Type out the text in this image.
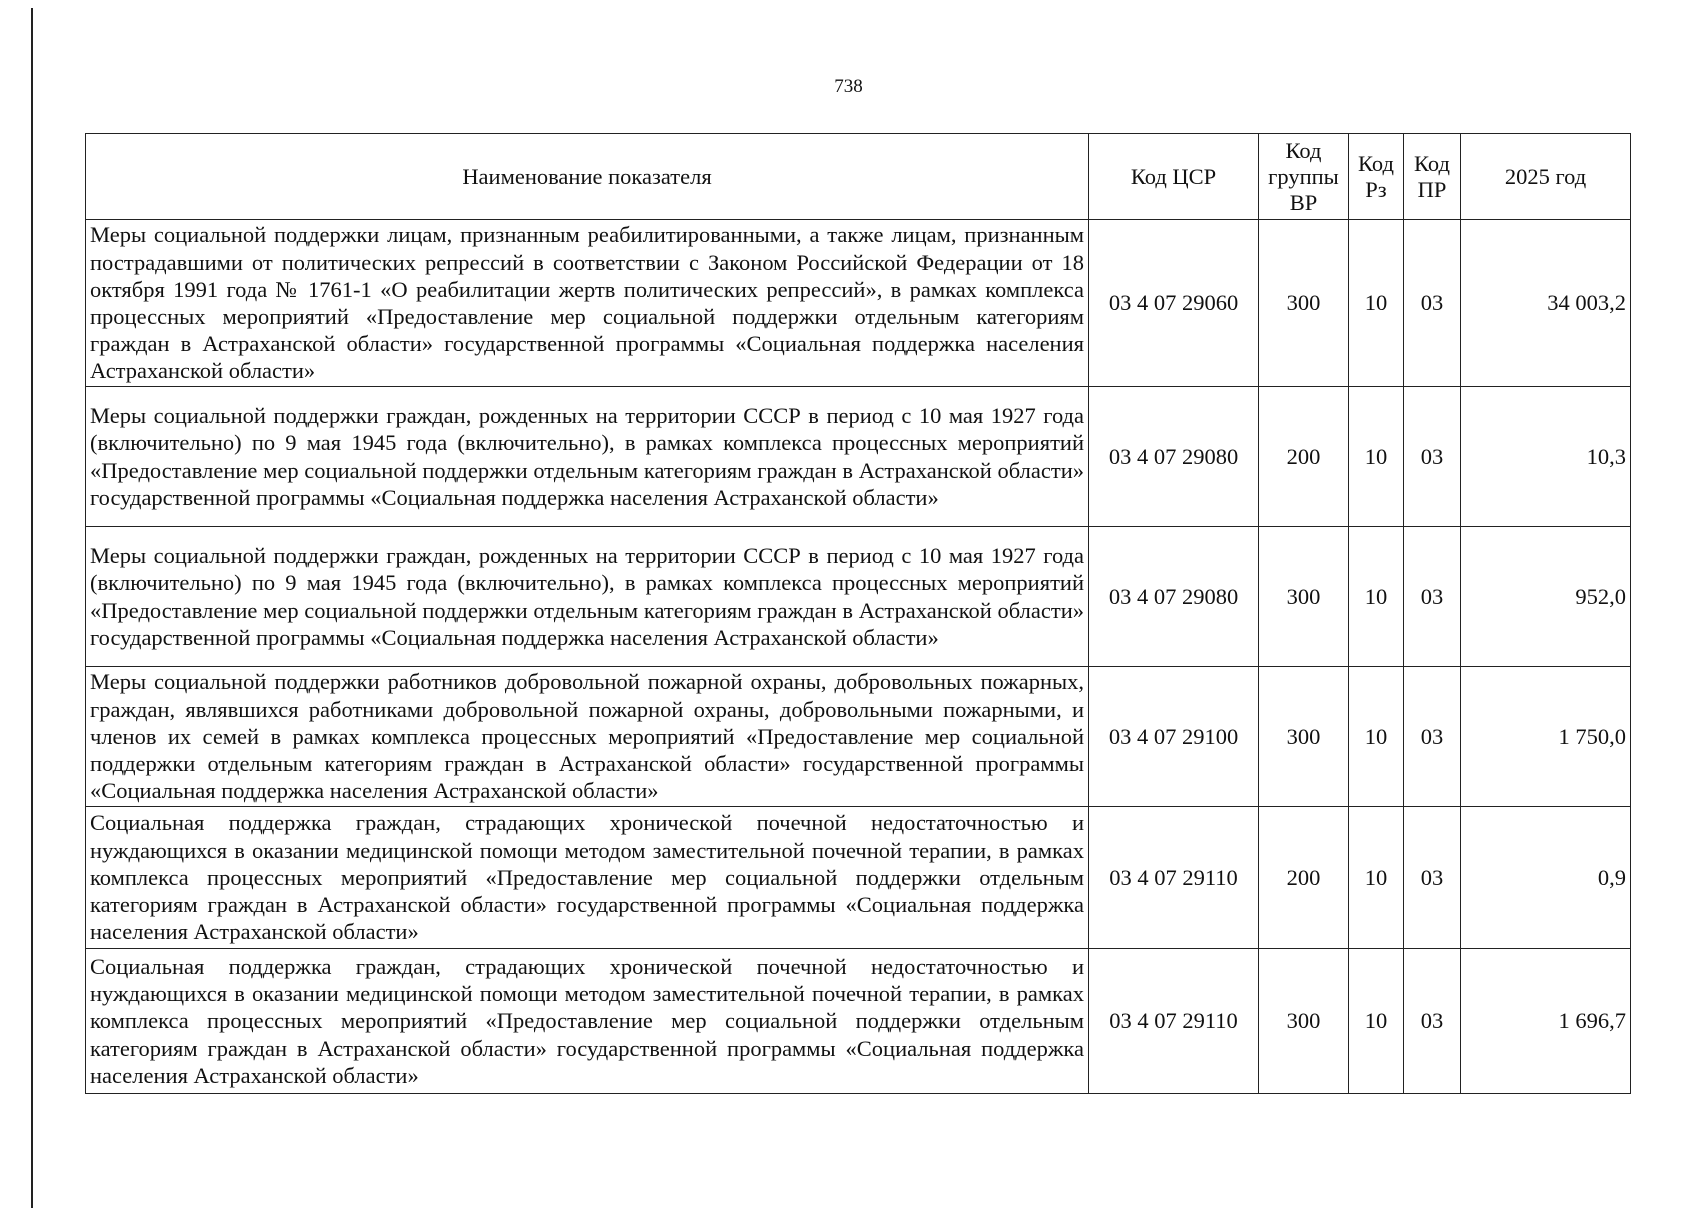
738
Наименование показателя	Код ЦСР	Код группы ВР	Код Рз	Код ПР	2025 год
Меры социальной поддержки лицам, признанным реабилитированными, а также лицам, признанным пострадавшими от политических репрессий в соответствии с Законом Российской Федерации от 18 октября 1991 года № 1761-1 «О реабилитации жертв политических репрессий», в рамках комплекса процессных мероприятий «Предоставление мер социальной поддержки отдельным категориям граждан в Астраханской области» государственной программы «Социальная поддержка населения Астраханской области»	03 4 07 29060	300	10	03	34 003,2
Меры социальной поддержки граждан, рожденных на территории СССР в период с 10 мая 1927 года (включительно) по 9 мая 1945 года (включительно), в рамках комплекса процессных мероприятий «Предоставление мер социальной поддержки отдельным категориям граждан в Астраханской области» государственной программы «Социальная поддержка населения Астраханской области»	03 4 07 29080	200	10	03	10,3
Меры социальной поддержки граждан, рожденных на территории СССР в период с 10 мая 1927 года (включительно) по 9 мая 1945 года (включительно), в рамках комплекса процессных мероприятий «Предоставление мер социальной поддержки отдельным категориям граждан в Астраханской области» государственной программы «Социальная поддержка населения Астраханской области»	03 4 07 29080	300	10	03	952,0
Меры социальной поддержки работников добровольной пожарной охраны, добровольных пожарных, граждан, являвшихся работниками добровольной пожарной охраны, добровольными пожарными, и членов их семей в рамках комплекса процессных мероприятий «Предоставление мер социальной поддержки отдельным категориям граждан в Астраханской области» государственной программы «Социальная поддержка населения Астраханской области»	03 4 07 29100	300	10	03	1 750,0
Социальная поддержка граждан, страдающих хронической почечной недостаточностью и нуждающихся в оказании медицинской помощи методом заместительной почечной терапии, в рамках комплекса процессных мероприятий «Предоставление мер социальной поддержки отдельным категориям граждан в Астраханской области» государственной программы «Социальная поддержка населения Астраханской области»	03 4 07 29110	200	10	03	0,9
Социальная поддержка граждан, страдающих хронической почечной недостаточностью и нуждающихся в оказании медицинской помощи методом заместительной почечной терапии, в рамках комплекса процессных мероприятий «Предоставление мер социальной поддержки отдельным категориям граждан в Астраханской области» государственной программы «Социальная поддержка населения Астраханской области»	03 4 07 29110	300	10	03	1 696,7
